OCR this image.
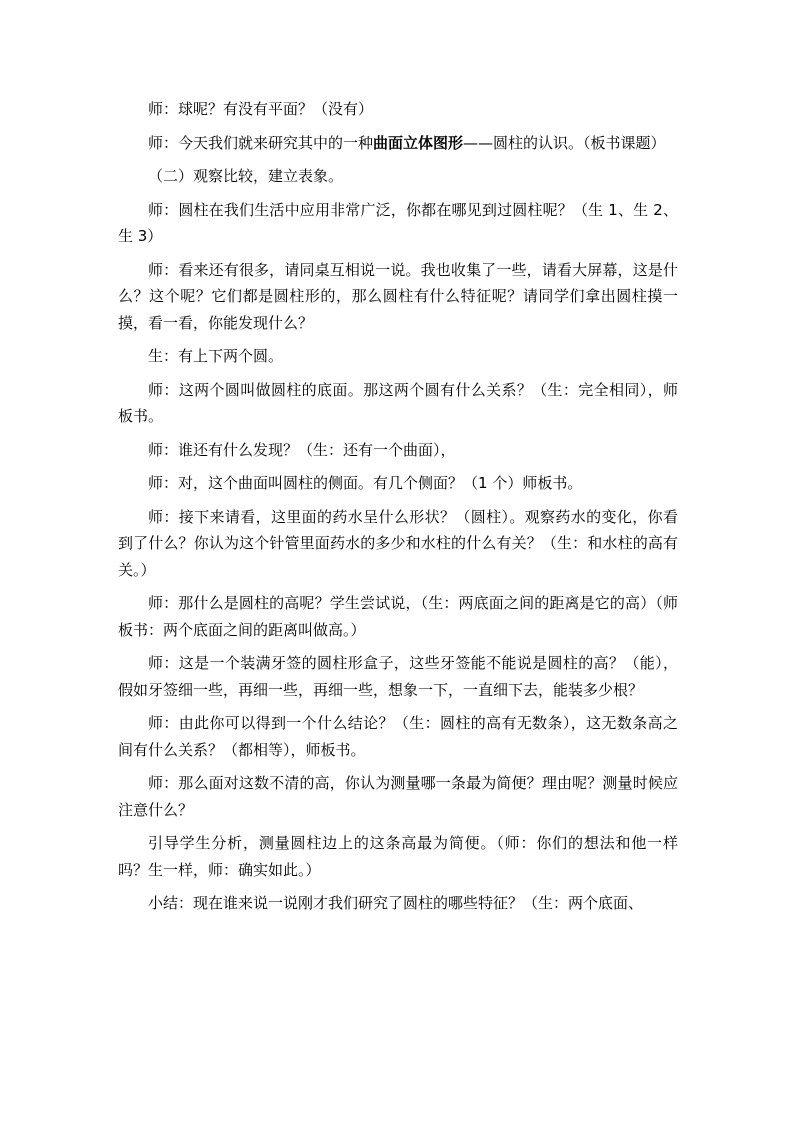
师：球呢？有没有平面？（没有）

师：今天我们就来研究其中的一种曲面立体图形——圆柱的认识。（板书课题）

（二）观察比较，建立表象。

师：圆柱在我们生活中应用非常广泛，你都在哪见到过圆柱呢？（生 1、生 2、生 3）

师：看来还有很多，请同桌互相说一说。我也收集了一些，请看大屏幕，这是什么？这个呢？它们都是圆柱形的，那么圆柱有什么特征呢？请同学们拿出圆柱摸一摸，看一看，你能发现什么？

生：有上下两个圆。

师：这两个圆叫做圆柱的底面。那这两个圆有什么关系？（生：完全相同），师板书。

师：谁还有什么发现？（生：还有一个曲面），

师：对，这个曲面叫圆柱的侧面。有几个侧面？（1 个）师板书。

师：接下来请看，这里面的药水呈什么形状？（圆柱）。观察药水的变化，你看到了什么？你认为这个针管里面药水的多少和水柱的什么有关？（生：和水柱的高有关。）

师：那什么是圆柱的高呢？学生尝试说，（生：两底面之间的距离是它的高）（师板书：两个底面之间的距离叫做高。）

师：这是一个装满牙签的圆柱形盒子，这些牙签能不能说是圆柱的高？（能），假如牙签细一些，再细一些，再细一些，想象一下，一直细下去，能装多少根？

师：由此你可以得到一个什么结论？（生：圆柱的高有无数条），这无数条高之间有什么关系？（都相等），师板书。

师：那么面对这数不清的高，你认为测量哪一条最为简便？理由呢？测量时候应注意什么？

引导学生分析，测量圆柱边上的这条高最为简便。（师：你们的想法和他一样吗？生一样，师：确实如此。）

小结：现在谁来说一说刚才我们研究了圆柱的哪些特征？（生：两个底面、
